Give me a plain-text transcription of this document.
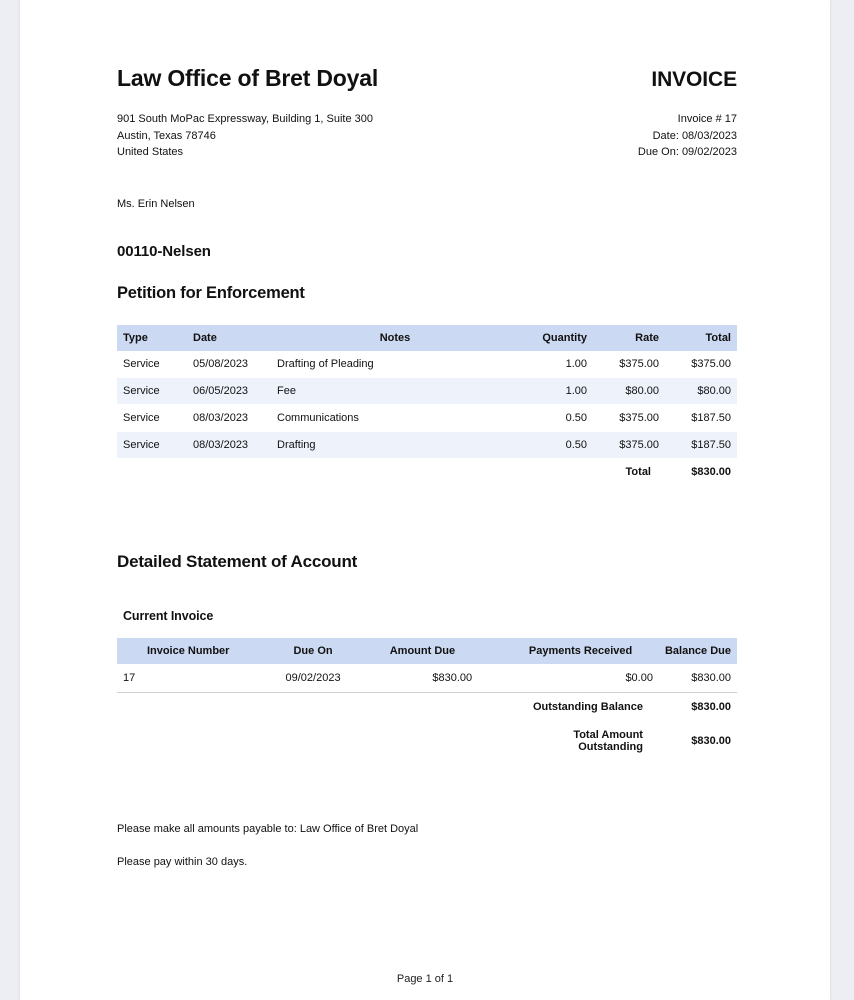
Law Office of Bret Doyal	INVOICE
901 South MoPac Expressway, Building 1, Suite 300
Austin, Texas 78746
United States
Invoice # 17
Date: 08/03/2023
Due On: 09/02/2023
Ms. Erin Nelsen
00110-Nelsen
Petition for Enforcement
Type	Date	Notes	Quantity	Rate	Total
Service	05/08/2023	Drafting of Pleading	1.00	$375.00	$375.00
Service	06/05/2023	Fee	1.00	$80.00	$80.00
Service	08/03/2023	Communications	0.50	$375.00	$187.50
Service	08/03/2023	Drafting	0.50	$375.00	$187.50
				Total	$830.00
Detailed Statement of Account
Current Invoice
Invoice Number	Due On	Amount Due	Payments Received	Balance Due
17	09/02/2023	$830.00	$0.00	$830.00
			Outstanding Balance	$830.00
			Total Amount Outstanding	$830.00
Please make all amounts payable to: Law Office of Bret Doyal
Please pay within 30 days.
Page 1 of 1
